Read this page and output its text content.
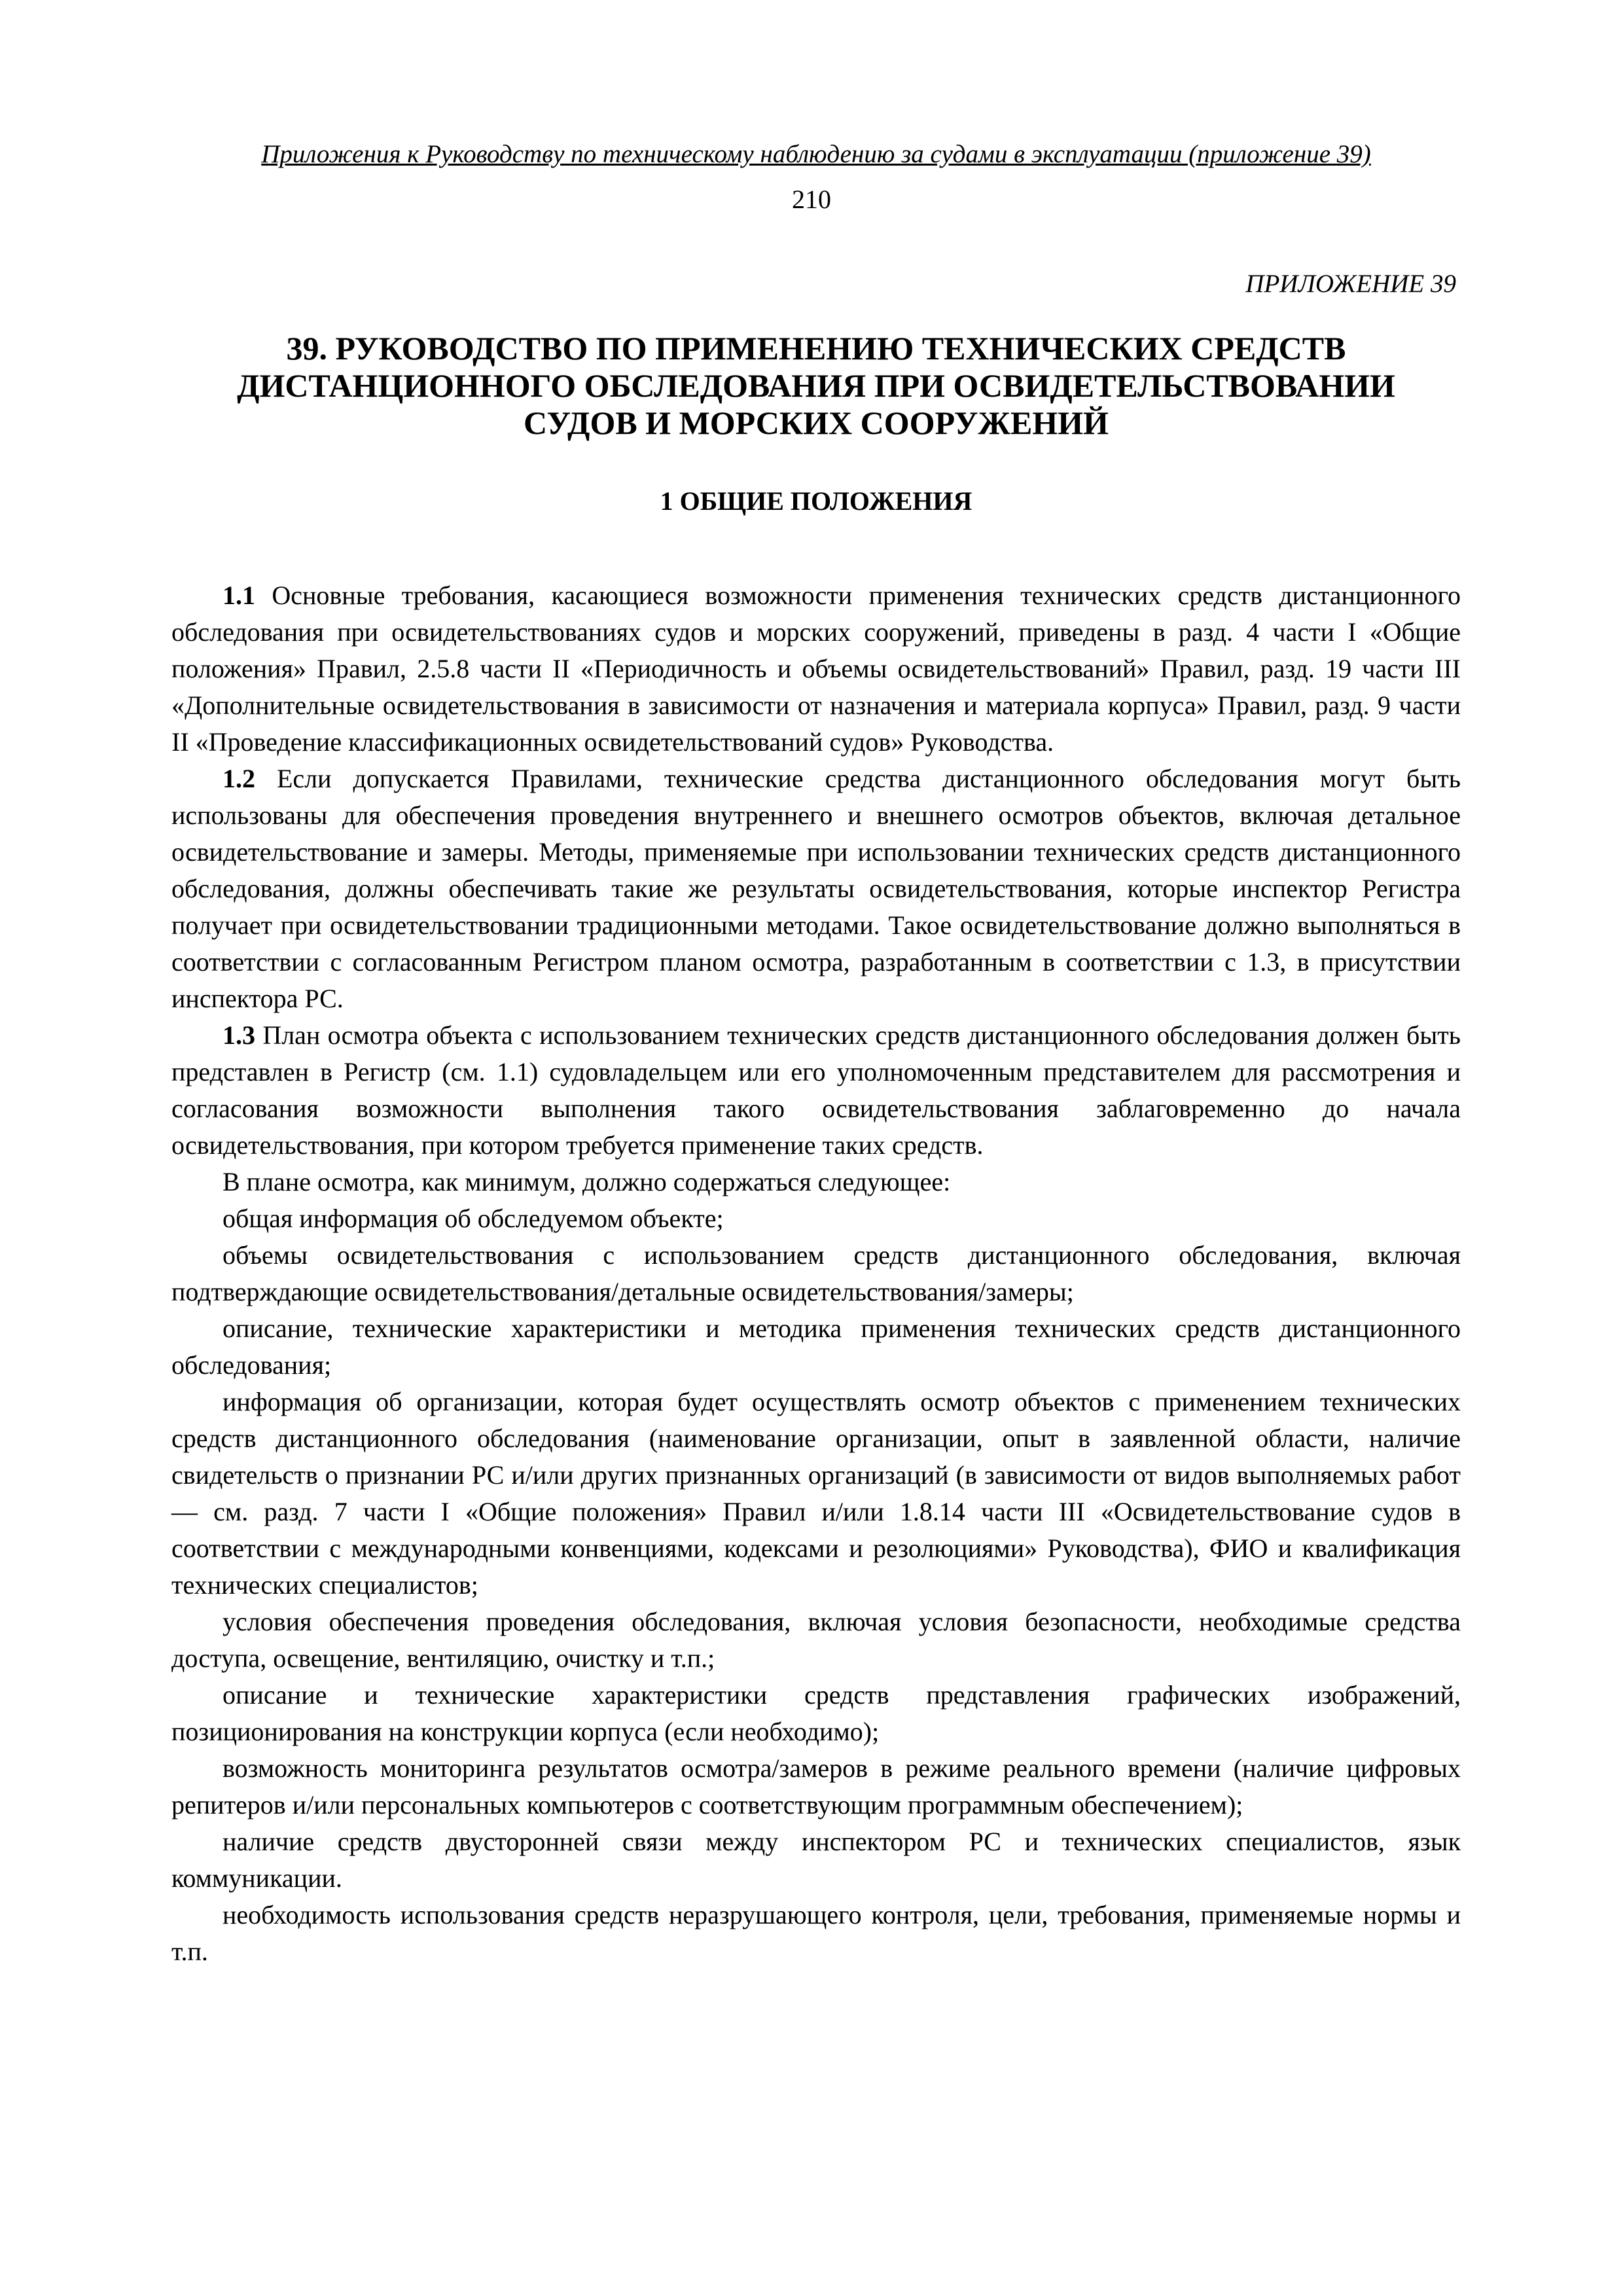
Приложения к Руководству по техническому наблюдению за судами в эксплуатации (приложение 39)
210
ПРИЛОЖЕНИЕ 39
39. РУКОВОДСТВО ПО ПРИМЕНЕНИЮ ТЕХНИЧЕСКИХ СРЕДСТВ
ДИСТАНЦИОННОГО ОБСЛЕДОВАНИЯ ПРИ ОСВИДЕТЕЛЬСТВОВАНИИ
СУДОВ И МОРСКИХ СООРУЖЕНИЙ
1 ОБЩИЕ ПОЛОЖЕНИЯ

1.1 Основные требования, касающиеся возможности применения технических средств дистанционного обследования при освидетельствованиях судов и морских сооружений, приведены в разд. 4 части I «Общие положения» Правил, 2.5.8 части II «Периодичность и объемы освидетельствований» Правил, разд. 19 части III «Дополнительные освидетельствования в зависимости от назначения и материала корпуса» Правил, разд. 9 части II «Проведение классификационных освидетельствований судов» Руководства.

1.2 Если допускается Правилами, технические средства дистанционного обследования могут быть использованы для обеспечения проведения внутреннего и внешнего осмотров объектов, включая детальное освидетельствование и замеры. Методы, применяемые при использовании технических средств дистанционного обследования, должны обеспечивать такие же результаты освидетельствования, которые инспектор Регистра получает при освидетельствовании традиционными методами. Такое освидетельствование должно выполняться в соответствии с согласованным Регистром планом осмотра, разработанным в соответствии с 1.3, в присутствии инспектора РС.

1.3 План осмотра объекта с использованием технических средств дистанционного обследования должен быть представлен в Регистр (см. 1.1) судовладельцем или его уполномоченным представителем для рассмотрения и согласования возможности выполнения такого освидетельствования заблаговременно до начала освидетельствования, при котором требуется применение таких средств.

В плане осмотра, как минимум, должно содержаться следующее:

общая информация об обследуемом объекте;

объемы освидетельствования с использованием средств дистанционного обследования, включая подтверждающие освидетельствования/детальные освидетельствования/замеры;

описание, технические характеристики и методика применения технических средств дистанционного обследования;

информация об организации, которая будет осуществлять осмотр объектов с применением технических средств дистанционного обследования (наименование организации, опыт в заявленной области, наличие свидетельств о признании РС и/или других признанных организаций (в зависимости от видов выполняемых работ — см. разд. 7 части I «Общие положения» Правил и/или 1.8.14 части III «Освидетельствование судов в соответствии с международными конвенциями, кодексами и резолюциями» Руководства), ФИО и квалификация технических специалистов;

условия обеспечения проведения обследования, включая условия безопасности, необходимые средства доступа, освещение, вентиляцию, очистку и т.п.;

описание и технические характеристики средств представления графических изображений, позиционирования на конструкции корпуса (если необходимо);

возможность мониторинга результатов осмотра/замеров в режиме реального времени (наличие цифровых репитеров и/или персональных компьютеров с соответствующим программным обеспечением);

наличие средств двусторонней связи между инспектором РС и технических специалистов, язык коммуникации.

необходимость использования средств неразрушающего контроля, цели, требования, применяемые нормы и т.п.
